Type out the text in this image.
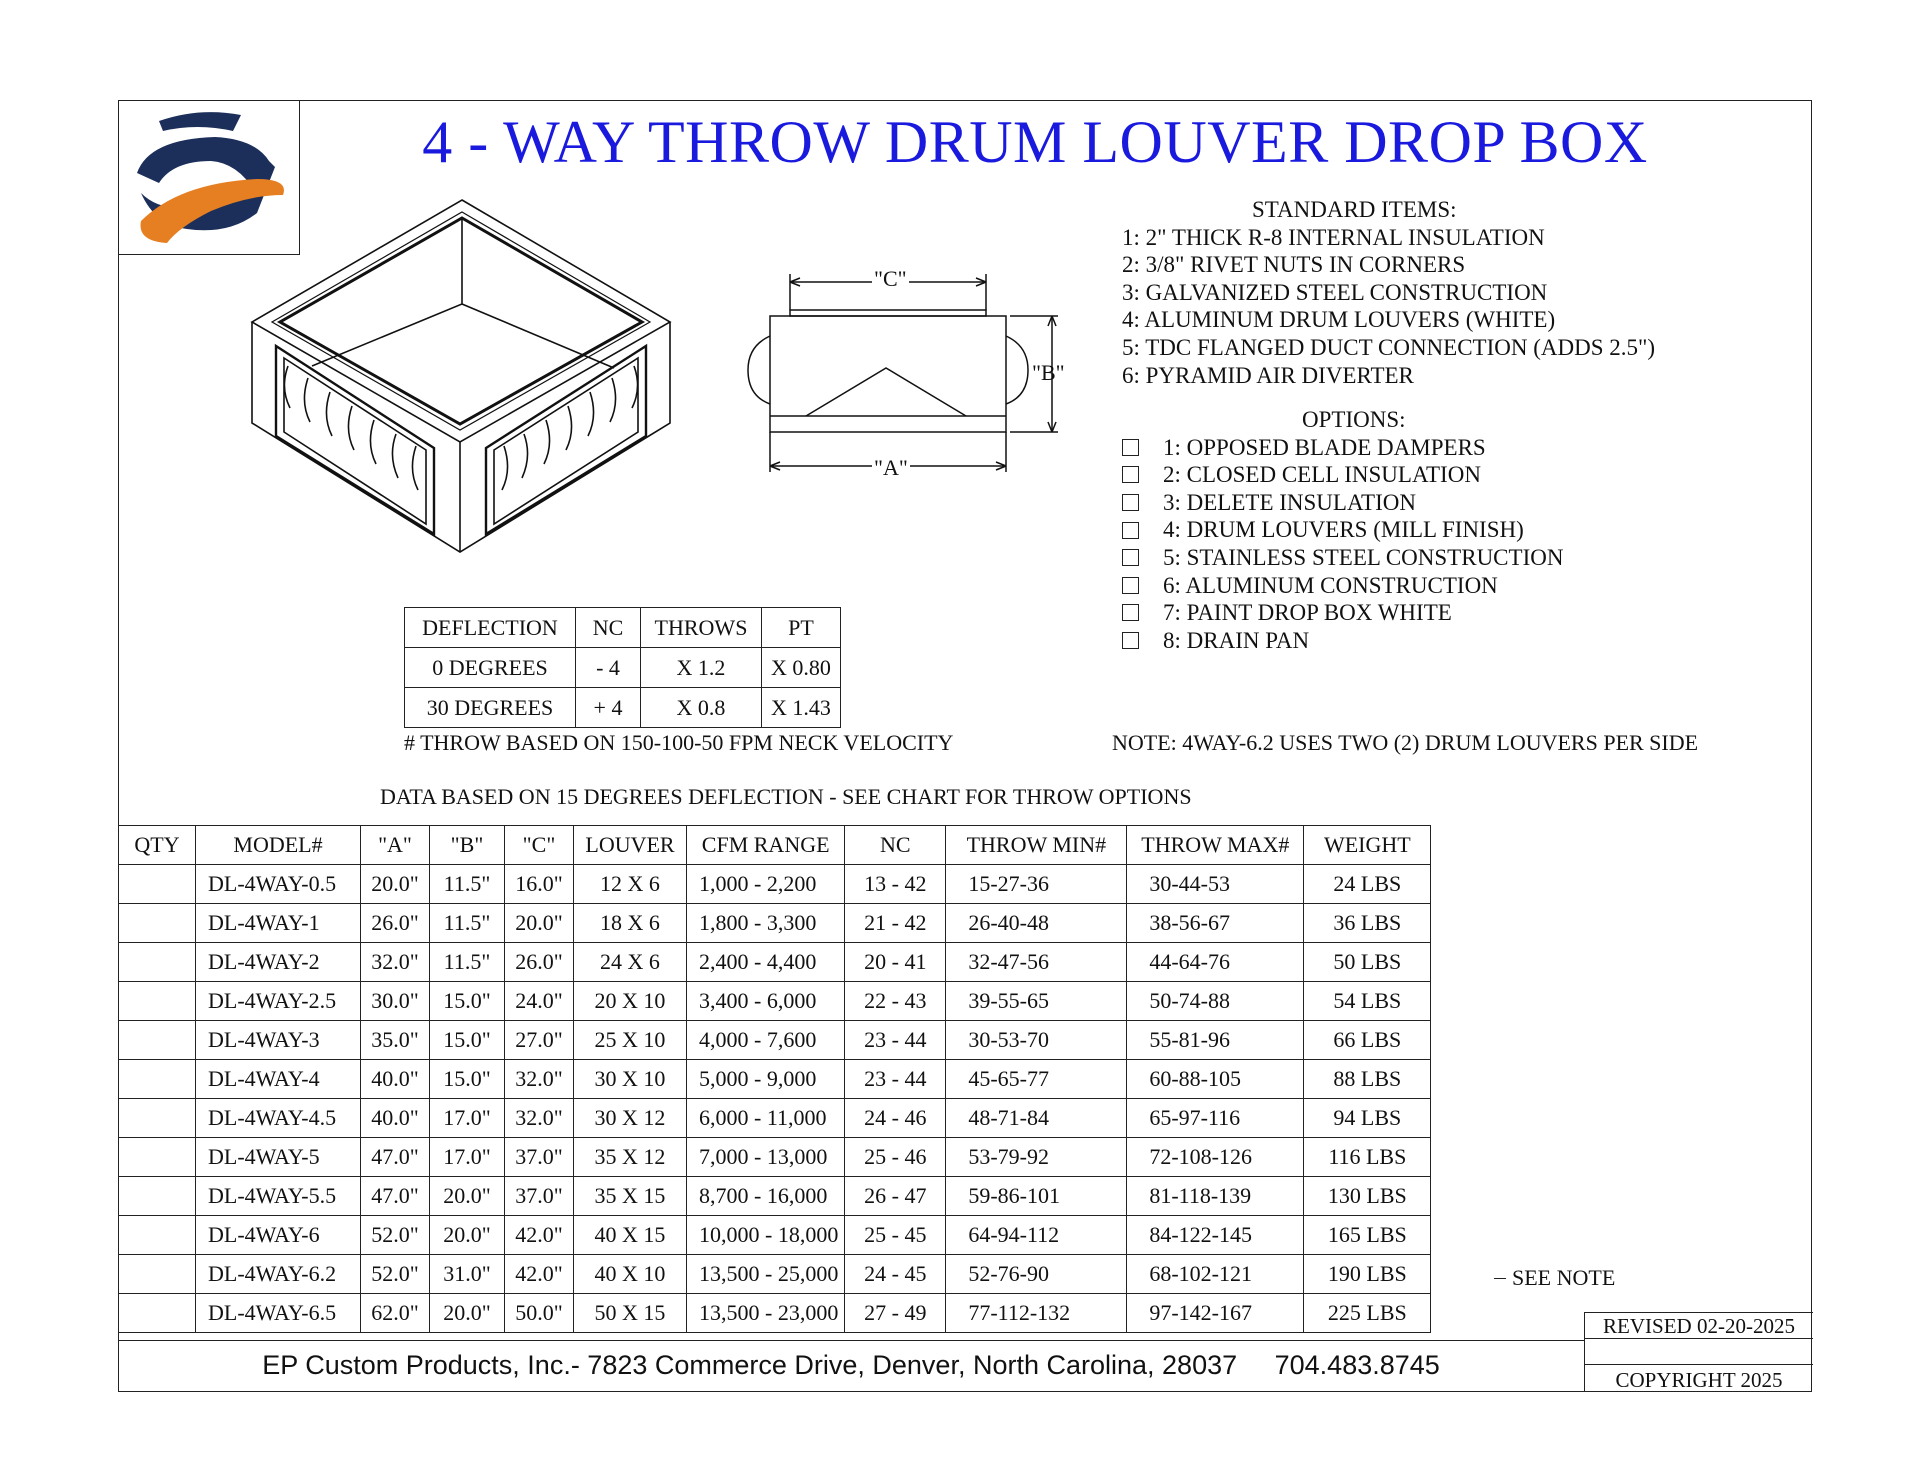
4 - WAY THROW DRUM LOUVER DROP BOX
"C"
"B"
"A"
STANDARD ITEMS:
1: 2" THICK R-8 INTERNAL INSULATION
2: 3/8" RIVET NUTS IN CORNERS
3: GALVANIZED STEEL CONSTRUCTION
4: ALUMINUM DRUM LOUVERS (WHITE)
5: TDC FLANGED DUCT CONNECTION (ADDS 2.5")
6: PYRAMID AIR DIVERTER
OPTIONS:
1: OPPOSED BLADE DAMPERS
2: CLOSED CELL INSULATION
3: DELETE INSULATION
4: DRUM LOUVERS (MILL FINISH)
5: STAINLESS STEEL CONSTRUCTION
6: ALUMINUM CONSTRUCTION
7: PAINT DROP BOX WHITE
8: DRAIN PAN
DEFLECTION	NC	THROWS	PT
0 DEGREES	- 4	X 1.2	X 0.80
30 DEGREES	+ 4	X 0.8	X 1.43
# THROW BASED ON 150-100-50 FPM NECK VELOCITY	NOTE: 4WAY-6.2 USES TWO (2) DRUM LOUVERS PER SIDE
DATA BASED ON 15 DEGREES DEFLECTION - SEE CHART FOR THROW OPTIONS
QTY	MODEL#	"A"	"B"	"C"	LOUVER	CFM RANGE	NC	THROW MIN#	THROW MAX#	WEIGHT
	DL-4WAY-0.5	20.0"	11.5"	16.0"	12 X 6	1,000 - 2,200	13 - 42	15-27-36	30-44-53	24 LBS
	DL-4WAY-1	26.0"	11.5"	20.0"	18 X 6	1,800 - 3,300	21 - 42	26-40-48	38-56-67	36 LBS
	DL-4WAY-2	32.0"	11.5"	26.0"	24 X 6	2,400 - 4,400	20 - 41	32-47-56	44-64-76	50 LBS
	DL-4WAY-2.5	30.0"	15.0"	24.0"	20 X 10	3,400 - 6,000	22 - 43	39-55-65	50-74-88	54 LBS
	DL-4WAY-3	35.0"	15.0"	27.0"	25 X 10	4,000 - 7,600	23 - 44	30-53-70	55-81-96	66 LBS
	DL-4WAY-4	40.0"	15.0"	32.0"	30 X 10	5,000 - 9,000	23 - 44	45-65-77	60-88-105	88 LBS
	DL-4WAY-4.5	40.0"	17.0"	32.0"	30 X 12	6,000 - 11,000	24 - 46	48-71-84	65-97-116	94 LBS
	DL-4WAY-5	47.0"	17.0"	37.0"	35 X 12	7,000 - 13,000	25 - 46	53-79-92	72-108-126	116 LBS
	DL-4WAY-5.5	47.0"	20.0"	37.0"	35 X 15	8,700 - 16,000	26 - 47	59-86-101	81-118-139	130 LBS
	DL-4WAY-6	52.0"	20.0"	42.0"	40 X 15	10,000 - 18,000	25 - 45	64-94-112	84-122-145	165 LBS
	DL-4WAY-6.2	52.0"	31.0"	42.0"	40 X 10	13,500 - 25,000	24 - 45	52-76-90	68-102-121	190 LBS
	DL-4WAY-6.5	62.0"	20.0"	50.0"	50 X 15	13,500 - 23,000	27 - 49	77-112-132	97-142-167	225 LBS
SEE NOTE
EP Custom Products, Inc.- 7823 Commerce Drive, Denver, North Carolina, 28037     704.483.8745
REVISED 02-20-2025
COPYRIGHT 2025
